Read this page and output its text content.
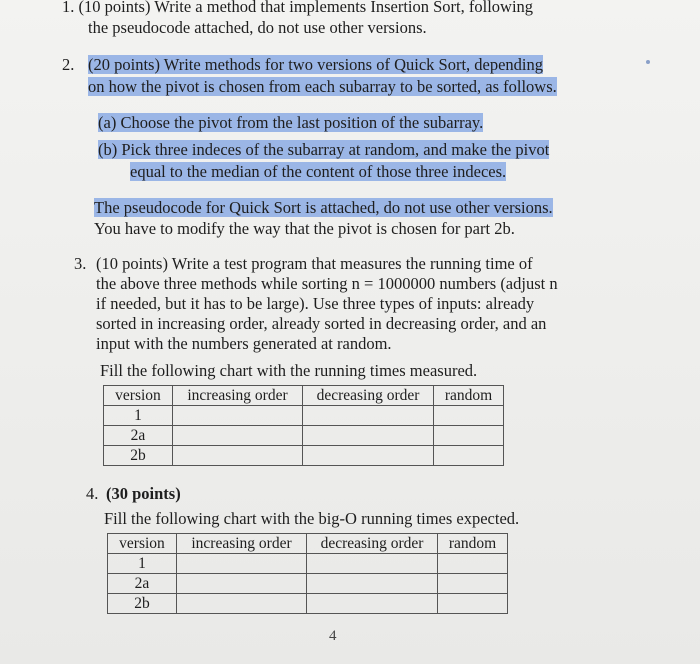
1. (10 points) Write a method that implements Insertion Sort, following
the pseudocode attached, do not use other versions.
2. (20 points) Write methods for two versions of Quick Sort, depending
on how the pivot is chosen from each subarray to be sorted, as follows.
(a) Choose the pivot from the last position of the subarray.
(b) Pick three indeces of the subarray at random, and make the pivot
equal to the median of the content of those three indeces.
The pseudocode for Quick Sort is attached, do not use other versions.
You have to modify the way that the pivot is chosen for part 2b.
3. (10 points) Write a test program that measures the running time of
the above three methods while sorting n = 1000000 numbers (adjust n
if needed, but it has to be large). Use three types of inputs: already
sorted in increasing order, already sorted in decreasing order, and an
input with the numbers generated at random.
Fill the following chart with the running times measured.
version	increasing order	decreasing order	random
1			
2a			
2b			
4. (30 points)
Fill the following chart with the big-O running times expected.
version	increasing order	decreasing order	random
1			
2a			
2b			
4
